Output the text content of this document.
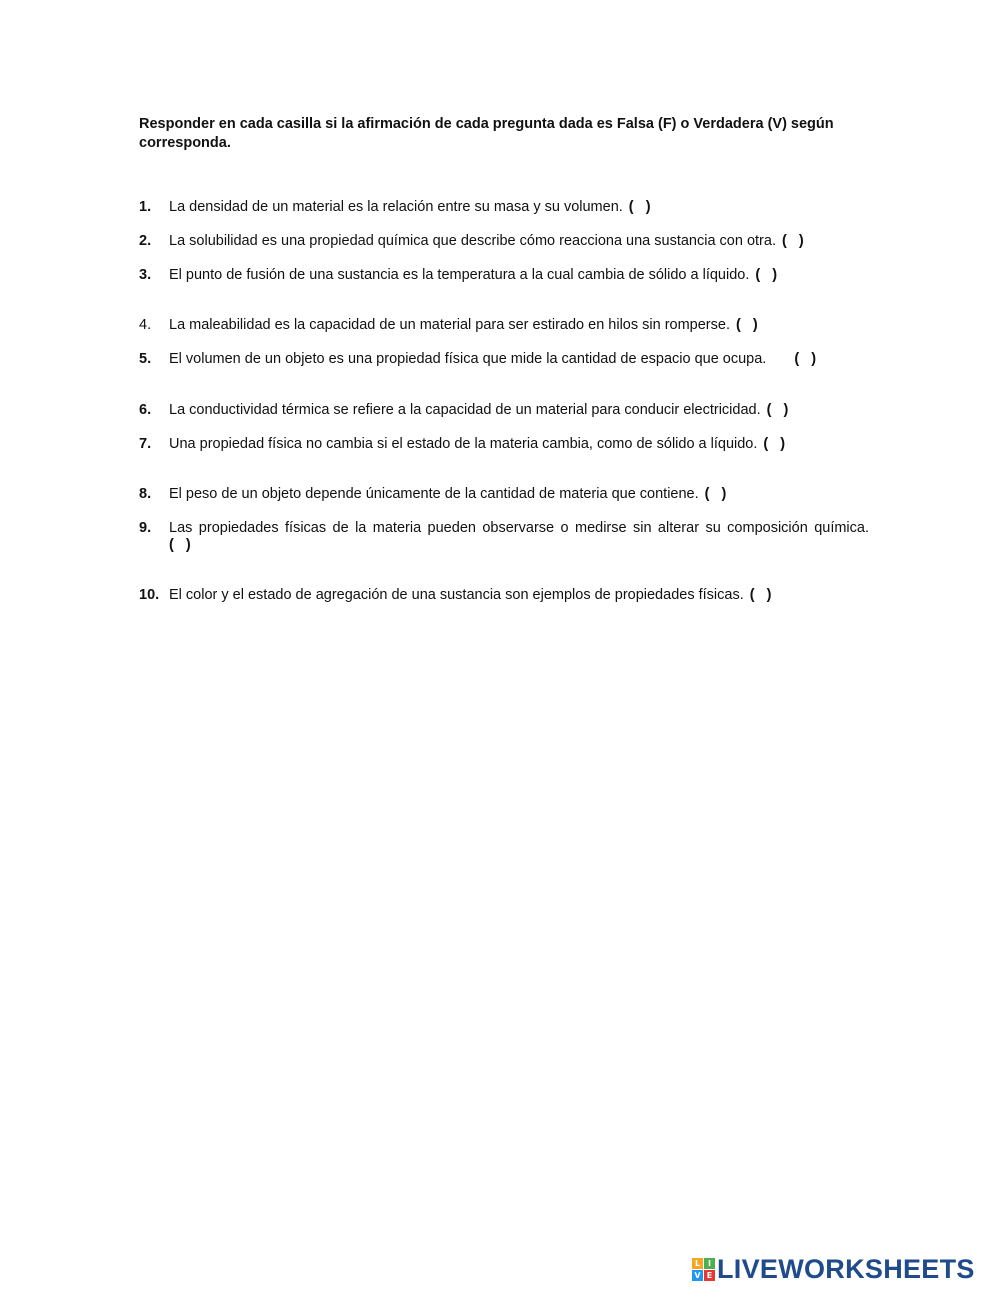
Responder en cada casilla si la afirmación de cada pregunta dada es Falsa (F) o Verdadera (V) según corresponda.
1. La densidad de un material es la relación entre su masa y su volumen. (   )
2. La solubilidad es una propiedad química que describe cómo reacciona una sustancia con otra. (   )
3. El punto de fusión de una sustancia es la temperatura a la cual cambia de sólido a líquido. (   )
4. La maleabilidad es la capacidad de un material para ser estirado en hilos sin romperse. (   )
5. El volumen de un objeto es una propiedad física que mide la cantidad de espacio que ocupa. (   )
6. La conductividad térmica se refiere a la capacidad de un material para conducir electricidad. (   )
7. Una propiedad física no cambia si el estado de la materia cambia, como de sólido a líquido. (   )
8. El peso de un objeto depende únicamente de la cantidad de materia que contiene. (   )
9. Las propiedades físicas de la materia pueden observarse o medirse sin alterar su composición química.
(   )
10. El color y el estado de agregación de una sustancia son ejemplos de propiedades físicas. (   )
L I
V E LIVEWORKSHEETS
